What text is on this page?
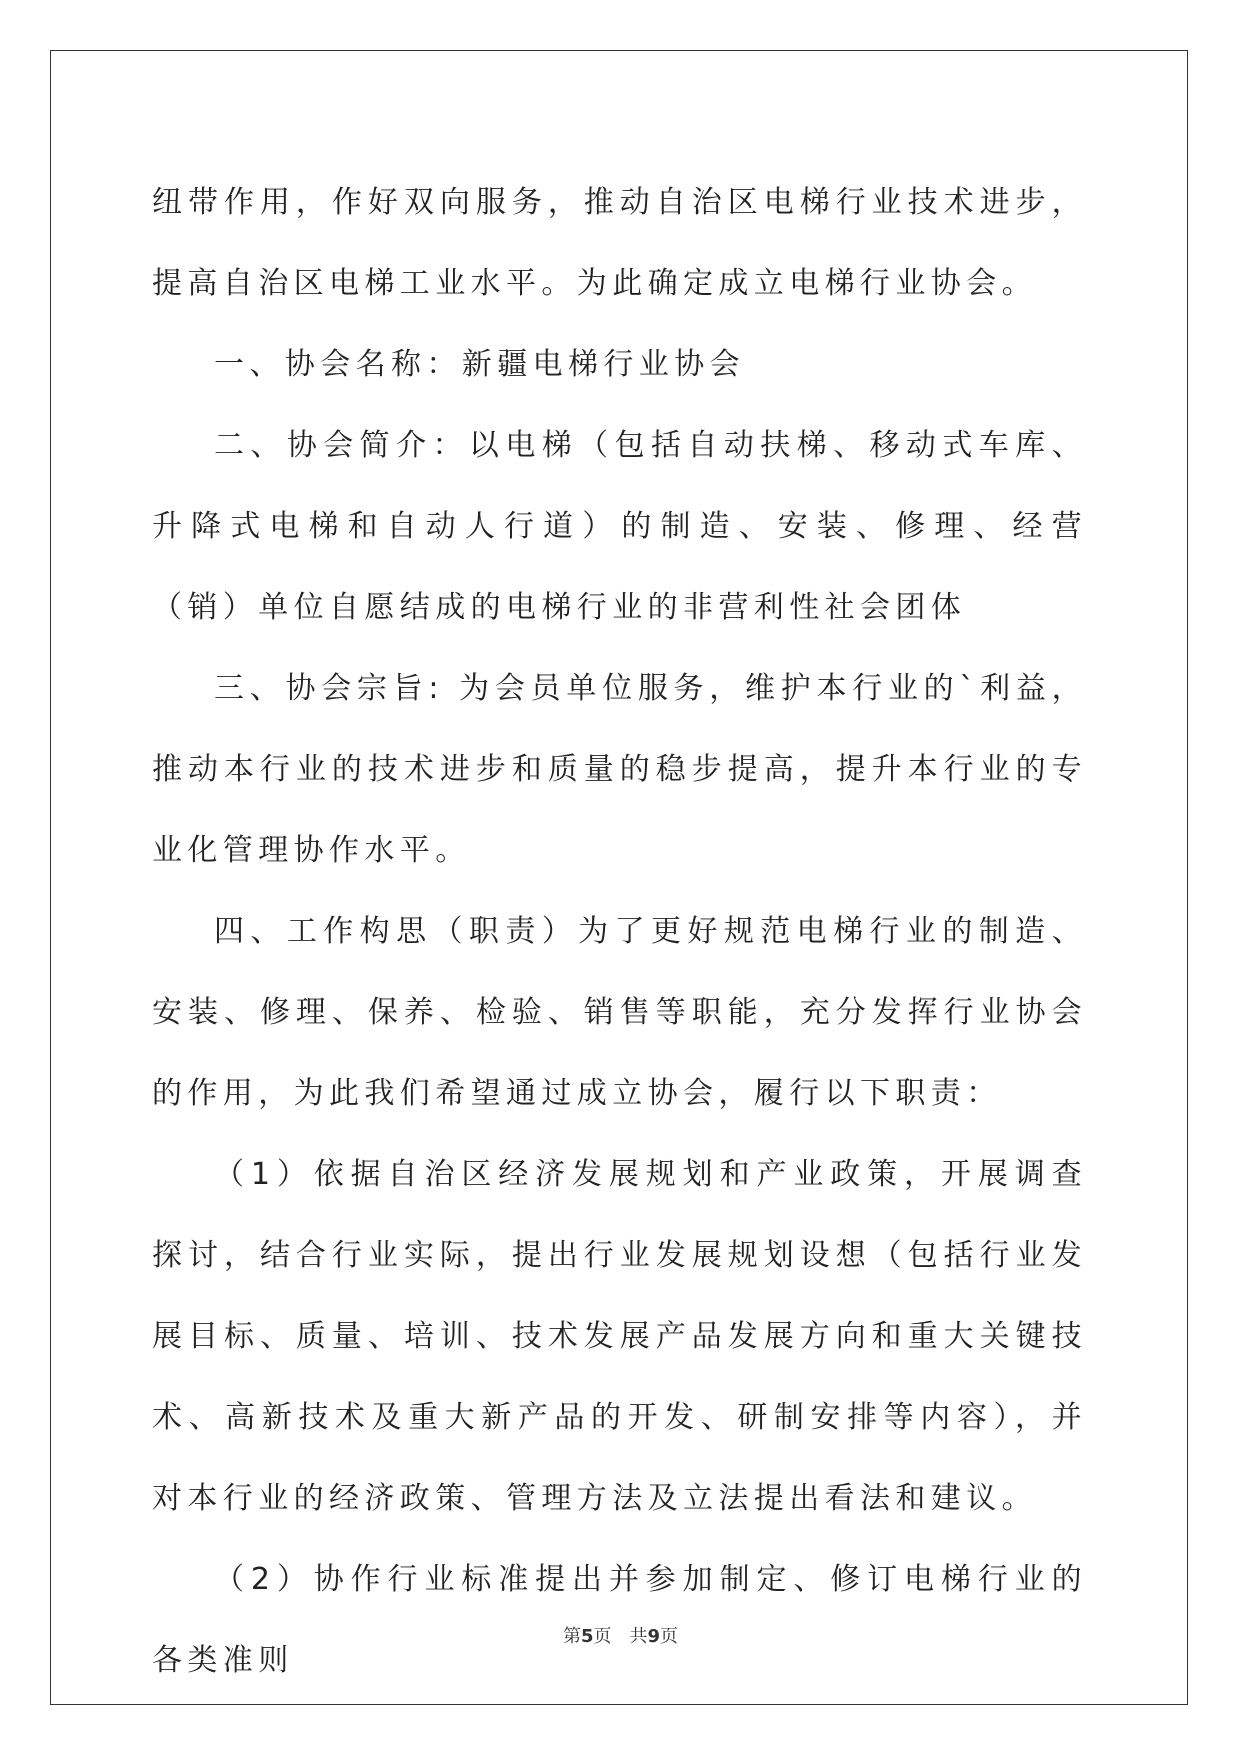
纽带作用，作好双向服务，推动自治区电梯行业技术进步，提高自治区电梯工业水平。为此确定成立电梯行业协会。

一、协会名称：新疆电梯行业协会

二、协会简介：以电梯（包括自动扶梯、移动式车库、升降式电梯和自动人行道）的制造、安装、修理、经营（销）单位自愿结成的电梯行业的非营利性社会团体

三、协会宗旨: 为会员单位服务，维护本行业的`利益，推动本行业的技术进步和质量的稳步提高，提升本行业的专业化管理协作水平。

四、工作构思（职责）为了更好规范电梯行业的制造、安装、修理、保养、检验、销售等职能，充分发挥行业协会的作用，为此我们希望通过成立协会，履行以下职责：

（1）依据自治区经济发展规划和产业政策，开展调查探讨，结合行业实际，提出行业发展规划设想（包括行业发展目标、质量、培训、技术发展产品发展方向和重大关键技术、高新技术及重大新产品的开发、研制安排等内容），并对本行业的经济政策、管理方法及立法提出看法和建议。

（2）协作行业标准提出并参加制定、修订电梯行业的各类准则

第5页　共9页
